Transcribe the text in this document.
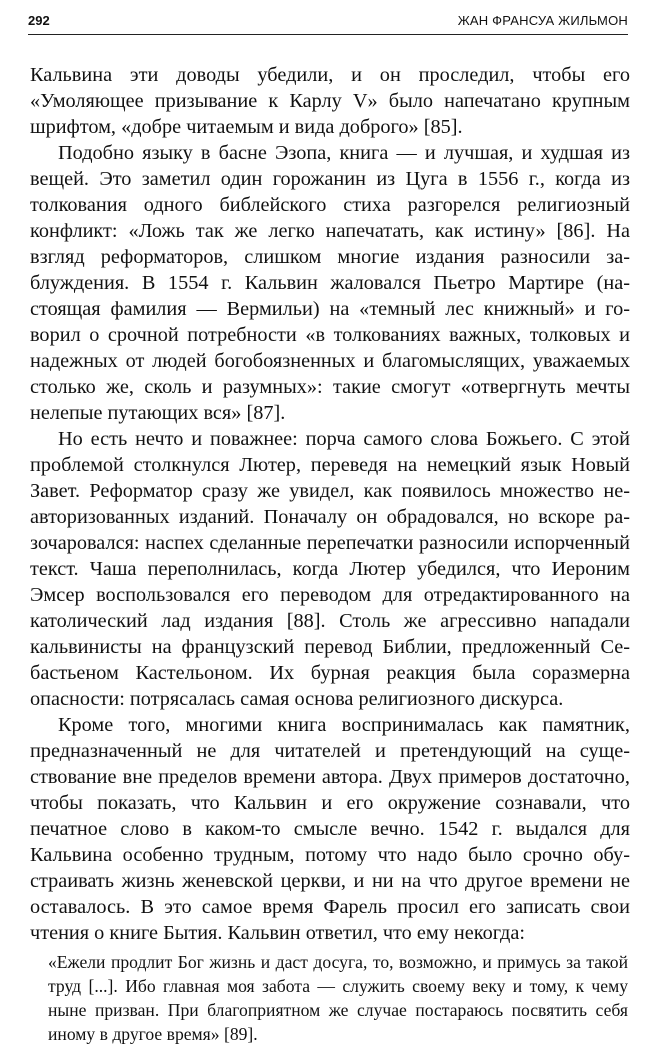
292	ЖАН ФРАНСУА ЖИЛЬМОН

Кальвина эти доводы убедили, и он проследил, чтобы его «Умоляющее призывание к Карлу V» было напечатано крупным шрифтом, «добре читаемым и вида доброго» [85].

Подобно языку в басне Эзопа, книга — и лучшая, и худшая из вещей. Это заметил один горожанин из Цуга в 1556 г., когда из толкования одного библейского стиха разгорелся религиозный конфликт: «Ложь так же легко напечатать, как истину» [86]. На взгляд реформаторов, слишком многие издания разносили заблуждения. В 1554 г. Кальвин жаловался Пьетро Мартире (настоящая фамилия — Вермильи) на «темный лес книжный» и говорил о срочной потребности «в толкованиях важных, толковых и надежных от людей богобоязненных и благомыслящих, уважаемых столько же, сколь и разумных»: такие смогут «отвергнуть мечты нелепые путающих вся» [87].

Но есть нечто и поважнее: порча самого слова Божьего. С этой проблемой столкнулся Лютер, переведя на немецкий язык Новый Завет. Реформатор сразу же увидел, как появилось множество неавторизованных изданий. Поначалу он обрадовался, но вскоре разочаровался: наспех сделанные перепечатки разносили испорченный текст. Чаша переполнилась, когда Лютер убедился, что Иероним Эмсер воспользовался его переводом для отредактированного на католический лад издания [88]. Столь же агрессивно нападали кальвинисты на французский перевод Библии, предложенный Себастьеном Кастельоном. Их бурная реакция была соразмерна опасности: потрясалась самая основа религиозного дискурса.

Кроме того, многими книга воспринималась как памятник, предназначенный не для читателей и претендующий на существование вне пределов времени автора. Двух примеров достаточно, чтобы показать, что Кальвин и его окружение сознавали, что печатное слово в каком-то смысле вечно. 1542 г. выдался для Кальвина особенно трудным, потому что надо было срочно обустраивать жизнь женевской церкви, и ни на что другое времени не оставалось. В это самое время Фарель просил его записать свои чтения о книге Бытия. Кальвин ответил, что ему некогда:

«Ежели продлит Бог жизнь и даст досуга, то, возможно, и примусь за такой труд [...]. Ибо главная моя забота — служить своему веку и тому, к чему ныне призван. При благоприятном же случае постараюсь посвятить себя иному в другое время» [89].
